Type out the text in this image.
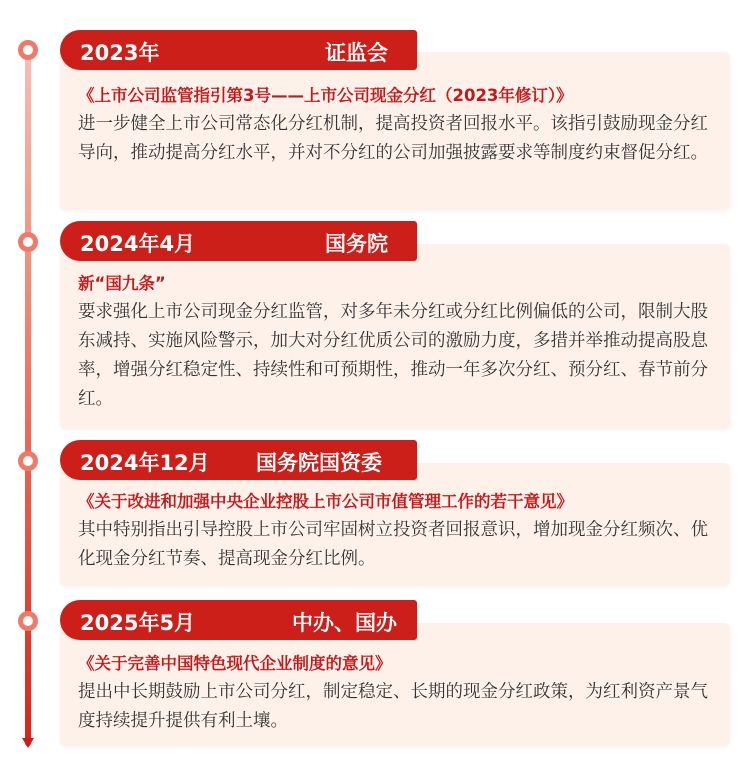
2023年	证监会
《上市公司监管指引第3号——上市公司现金分红（2023年修订）》
进一步健全上市公司常态化分红机制，提高投资者回报水平。该指引鼓励现金分红导向，推动提高分红水平，并对不分红的公司加强披露要求等制度约束督促分红。
2024年4月	国务院
新“国九条”
要求强化上市公司现金分红监管，对多年未分红或分红比例偏低的公司，限制大股东减持、实施风险警示，加大对分红优质公司的激励力度，多措并举推动提高股息率，增强分红稳定性、持续性和可预期性，推动一年多次分红、预分红、春节前分红。
2024年12月 国务院国资委
《关于改进和加强中央企业控股上市公司市值管理工作的若干意见》
其中特别指出引导控股上市公司牢固树立投资者回报意识，增加现金分红频次、优化现金分红节奏、提高现金分红比例。
2025年5月	中办、国办
《关于完善中国特色现代企业制度的意见》
提出中长期鼓励上市公司分红，制定稳定、长期的现金分红政策，为红利资产景气度持续提升提供有利土壤。
